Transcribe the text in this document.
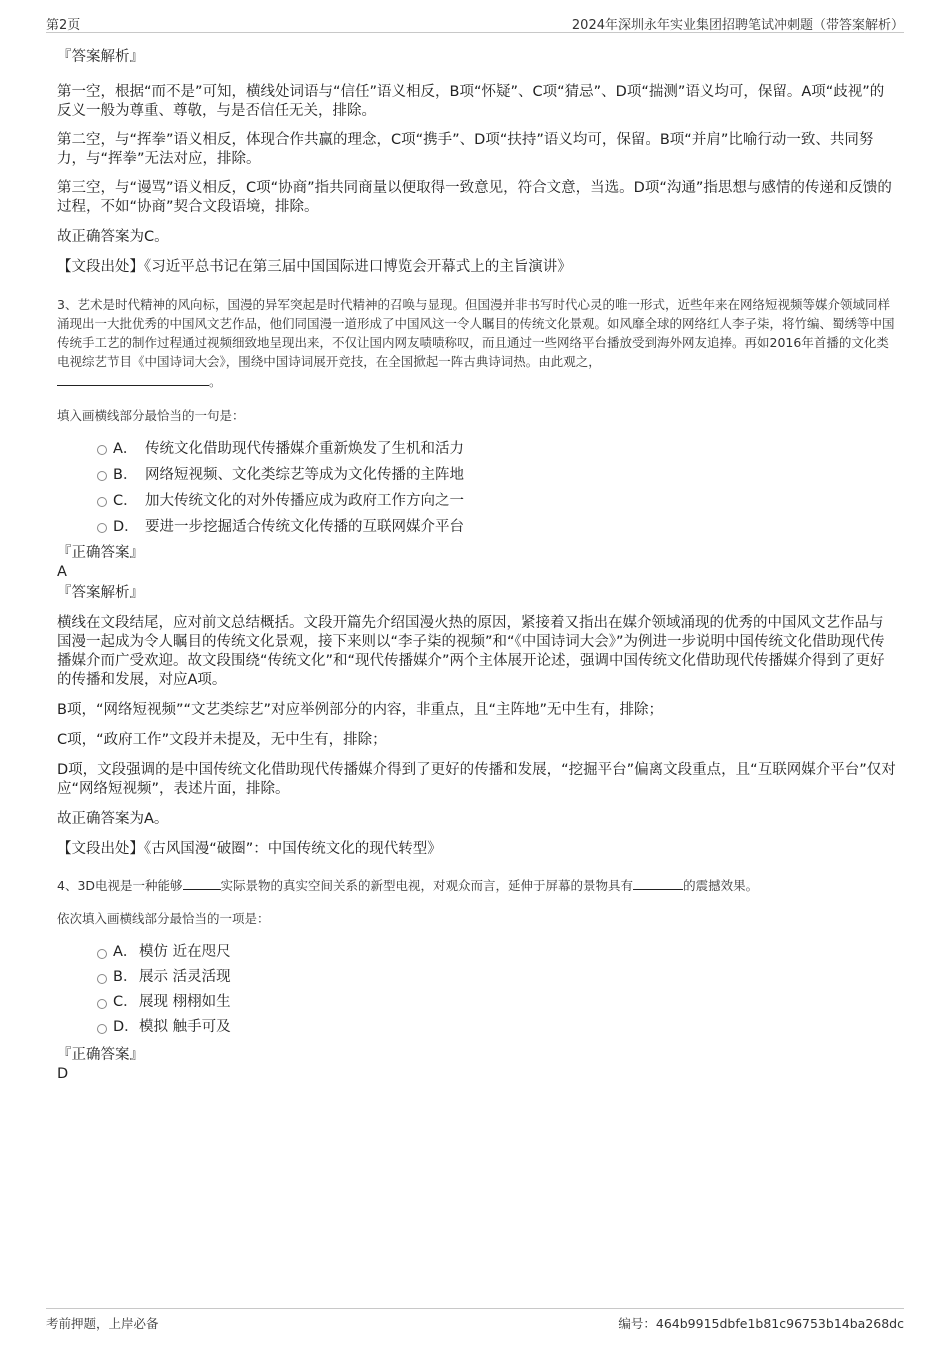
第2页	2024年深圳永年实业集团招聘笔试冲刺题（带答案解析）

『答案解析』

第一空，根据“而不是”可知，横线处词语与“信任”语义相反，B项“怀疑”、C项“猜忌”、D项“揣测”语义均可，保留。A项“歧视”的反义一般为尊重、尊敬，与是否信任无关，排除。

第二空，与“挥拳”语义相反，体现合作共赢的理念，C项“携手”、D项“扶持”语义均可，保留。B项“并肩”比喻行动一致、共同努力，与“挥拳”无法对应，排除。

第三空，与“谩骂”语义相反，C项“协商”指共同商量以便取得一致意见，符合文意，当选。D项“沟通”指思想与感情的传递和反馈的过程，不如“协商”契合文段语境，排除。

故正确答案为C。

【文段出处】《习近平总书记在第三届中国国际进口博览会开幕式上的主旨演讲》

3、艺术是时代精神的风向标，国漫的异军突起是时代精神的召唤与显现。但国漫并非书写时代心灵的唯一形式，近些年来在网络短视频等媒介领域同样涌现出一大批优秀的中国风文艺作品，他们同国漫一道形成了中国风这一令人瞩目的传统文化景观。如风靡全球的网络红人李子柒，将竹编、蜀绣等中国传统手工艺的制作过程通过视频细致地呈现出来，不仅让国内网友啧啧称叹，而且通过一些网络平台播放受到海外网友追捧。再如2016年首播的文化类电视综艺节目《中国诗词大会》，围绕中国诗词展开竞技，在全国掀起一阵古典诗词热。由此观之，
。

填入画横线部分最恰当的一句是：

A． 传统文化借助现代传播媒介重新焕发了生机和活力
B． 网络短视频、文化类综艺等成为文化传播的主阵地
C． 加大传统文化的对外传播应成为政府工作方向之一
D． 要进一步挖掘适合传统文化传播的互联网媒介平台

『正确答案』

A

『答案解析』

横线在文段结尾，应对前文总结概括。文段开篇先介绍国漫火热的原因，紧接着又指出在媒介领域涌现的优秀的中国风文艺作品与国漫一起成为令人瞩目的传统文化景观，接下来则以“李子柒的视频”和“《中国诗词大会》”为例进一步说明中国传统文化借助现代传播媒介而广受欢迎。故文段围绕“传统文化”和“现代传播媒介”两个主体展开论述，强调中国传统文化借助现代传播媒介得到了更好的传播和发展，对应A项。

B项，“网络短视频”“文艺类综艺”对应举例部分的内容，非重点，且“主阵地”无中生有，排除；

C项，“政府工作”文段并未提及，无中生有，排除；

D项，文段强调的是中国传统文化借助现代传播媒介得到了更好的传播和发展，“挖掘平台”偏离文段重点，且“互联网媒介平台”仅对应“网络短视频”，表述片面，排除。

故正确答案为A。

【文段出处】《古风国漫“破圈”：中国传统文化的现代转型》

4、3D电视是一种能够	实际景物的真实空间关系的新型电视，对观众而言，延伸于屏幕的景物具有	的震撼效果。

依次填入画横线部分最恰当的一项是：

A． 模仿 近在咫尺
B． 展示 活灵活现
C．展现 栩栩如生
D．模拟 触手可及

『正确答案』

D

考前押题，上岸必备	编号：464b9915dbfe1b81c96753b14ba268dc
